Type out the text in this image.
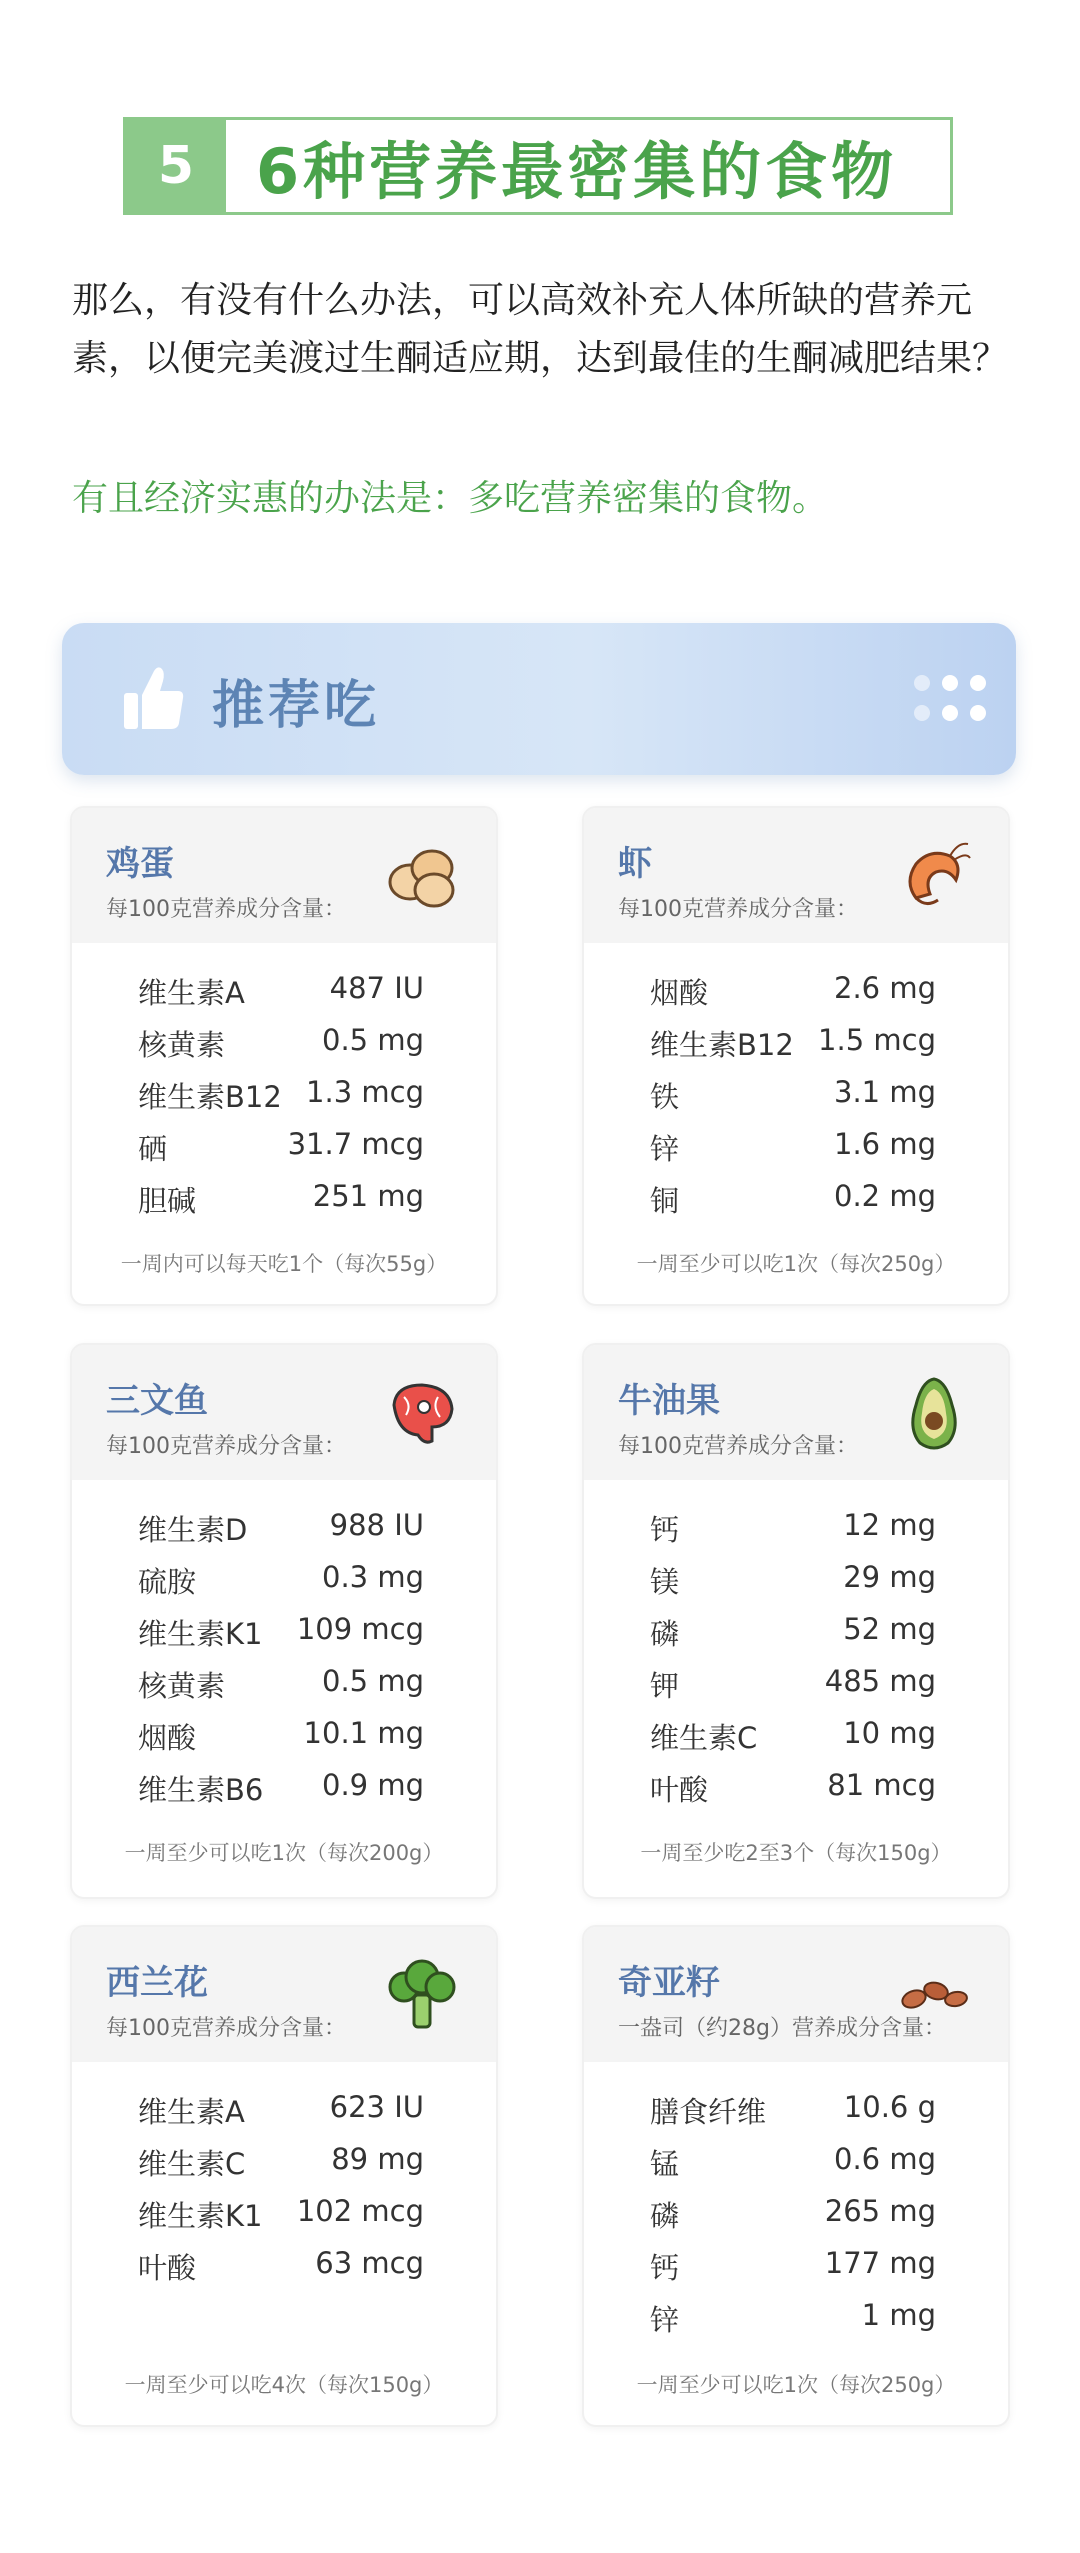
5 6种营养最密集的食物
那么，有没有什么办法，可以高效补充人体所缺的营养元素，以便完美渡过生酮适应期，达到最佳的生酮减肥结果？
有且经济实惠的办法是：多吃营养密集的食物。
推荐吃
鸡蛋
每100克营养成分含量：
维生素A	487 IU
核黄素	0.5 mg
维生素B12 1.3 mcg
硒	31.7 mcg
胆碱	251 mg
一周内可以每天吃1个（每次55g）
虾
每100克营养成分含量：
烟酸	2.6 mg
维生素B12 1.5 mcg
铁	3.1 mg
锌	1.6 mg
铜	0.2 mg
一周至少可以吃1次（每次250g）
三文鱼
每100克营养成分含量：
维生素D	988 IU
硫胺	0.3 mg
维生素K1 109 mcg
核黄素	0.5 mg
烟酸	10.1 mg
维生素B6 0.9 mg
一周至少可以吃1次（每次200g）
牛油果
每100克营养成分含量：
钙	12 mg
镁	29 mg
磷	52 mg
钾	485 mg
维生素C	10 mg
叶酸	81 mcg
一周至少吃2至3个（每次150g）
西兰花
每100克营养成分含量：
维生素A	623 IU
维生素C	89 mg
维生素K1 102 mcg
叶酸	63 mcg
一周至少可以吃4次（每次150g）
奇亚籽
一盎司（约28g）营养成分含量：
膳食纤维	10.6 g
锰	0.6 mg
磷	265 mg
钙	177 mg
锌	1 mg
一周至少可以吃1次（每次250g）
